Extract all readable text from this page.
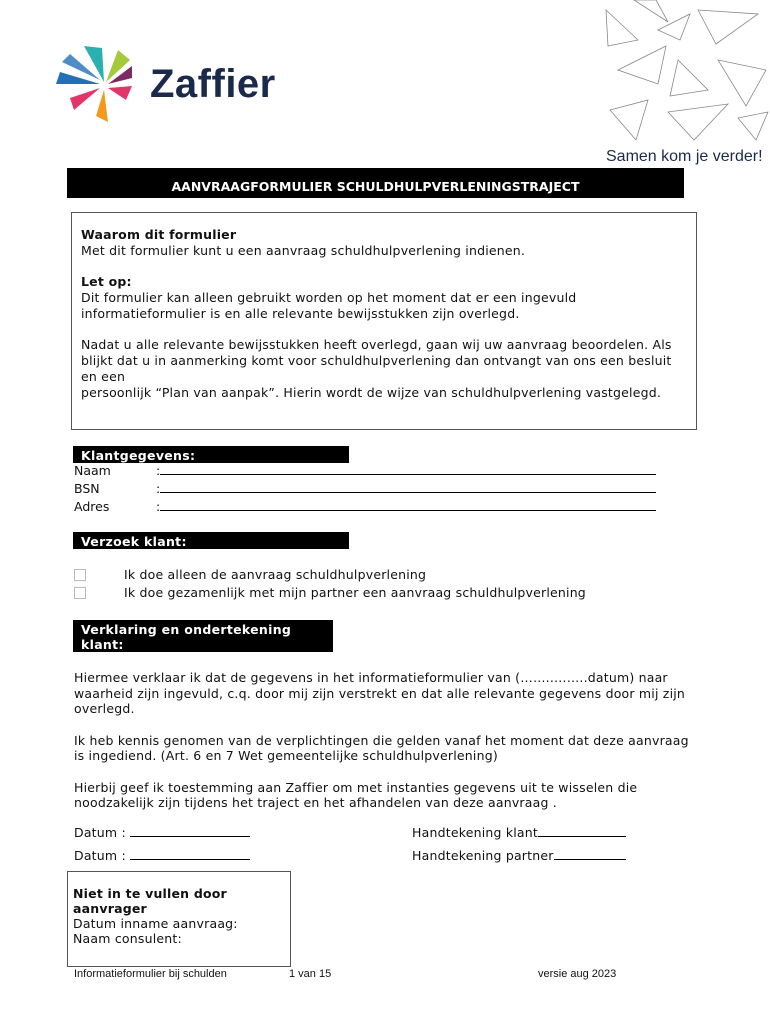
Zaffier
Samen kom je verder!
AANVRAAGFORMULIER SCHULDHULPVERLENINGSTRAJECT

Waarom dit formulier
Met dit formulier kunt u een aanvraag schuldhulpverlening indienen.

Let op:
Dit formulier kan alleen gebruikt worden op het moment dat er een ingevuld informatieformulier is en alle relevante bewijsstukken zijn overlegd.

Nadat u alle relevante bewijsstukken heeft overlegd, gaan wij uw aanvraag beoordelen. Als blijkt dat u in aanmerking komt voor schuldhulpverlening dan ontvangt van ons een besluit en een
persoonlijk “Plan van aanpak”. Hierin wordt de wijze van schuldhulpverlening vastgelegd.

Klantgegevens:
Naam	:
BSN	:
Adres	:
Verzoek klant:
Ik doe alleen de aanvraag schuldhulpverlening
Ik doe gezamenlijk met mijn partner een aanvraag schuldhulpverlening
Verklaring en ondertekening
klant:

Hiermee verklaar ik dat de gegevens in het informatieformulier van (……..……..datum) naar waarheid zijn ingevuld, c.q. door mij zijn verstrekt en dat alle relevante gegevens door mij zijn overlegd.

Ik heb kennis genomen van de verplichtingen die gelden vanaf het moment dat deze aanvraag is ingediend. (Art. 6 en 7 Wet gemeentelijke schuldhulpverlening)

Hierbij geef ik toestemming aan Zaffier om met instanties gegevens uit te wisselen die noodzakelijk zijn tijdens het traject en het afhandelen van deze aanvraag .

Datum :	Handtekening klant
Datum :	Handtekening partner
Niet in te vullen door
aanvrager
Datum inname aanvraag:
Naam consulent:
Informatieformulier bij schulden	1 van 15	versie aug 2023
